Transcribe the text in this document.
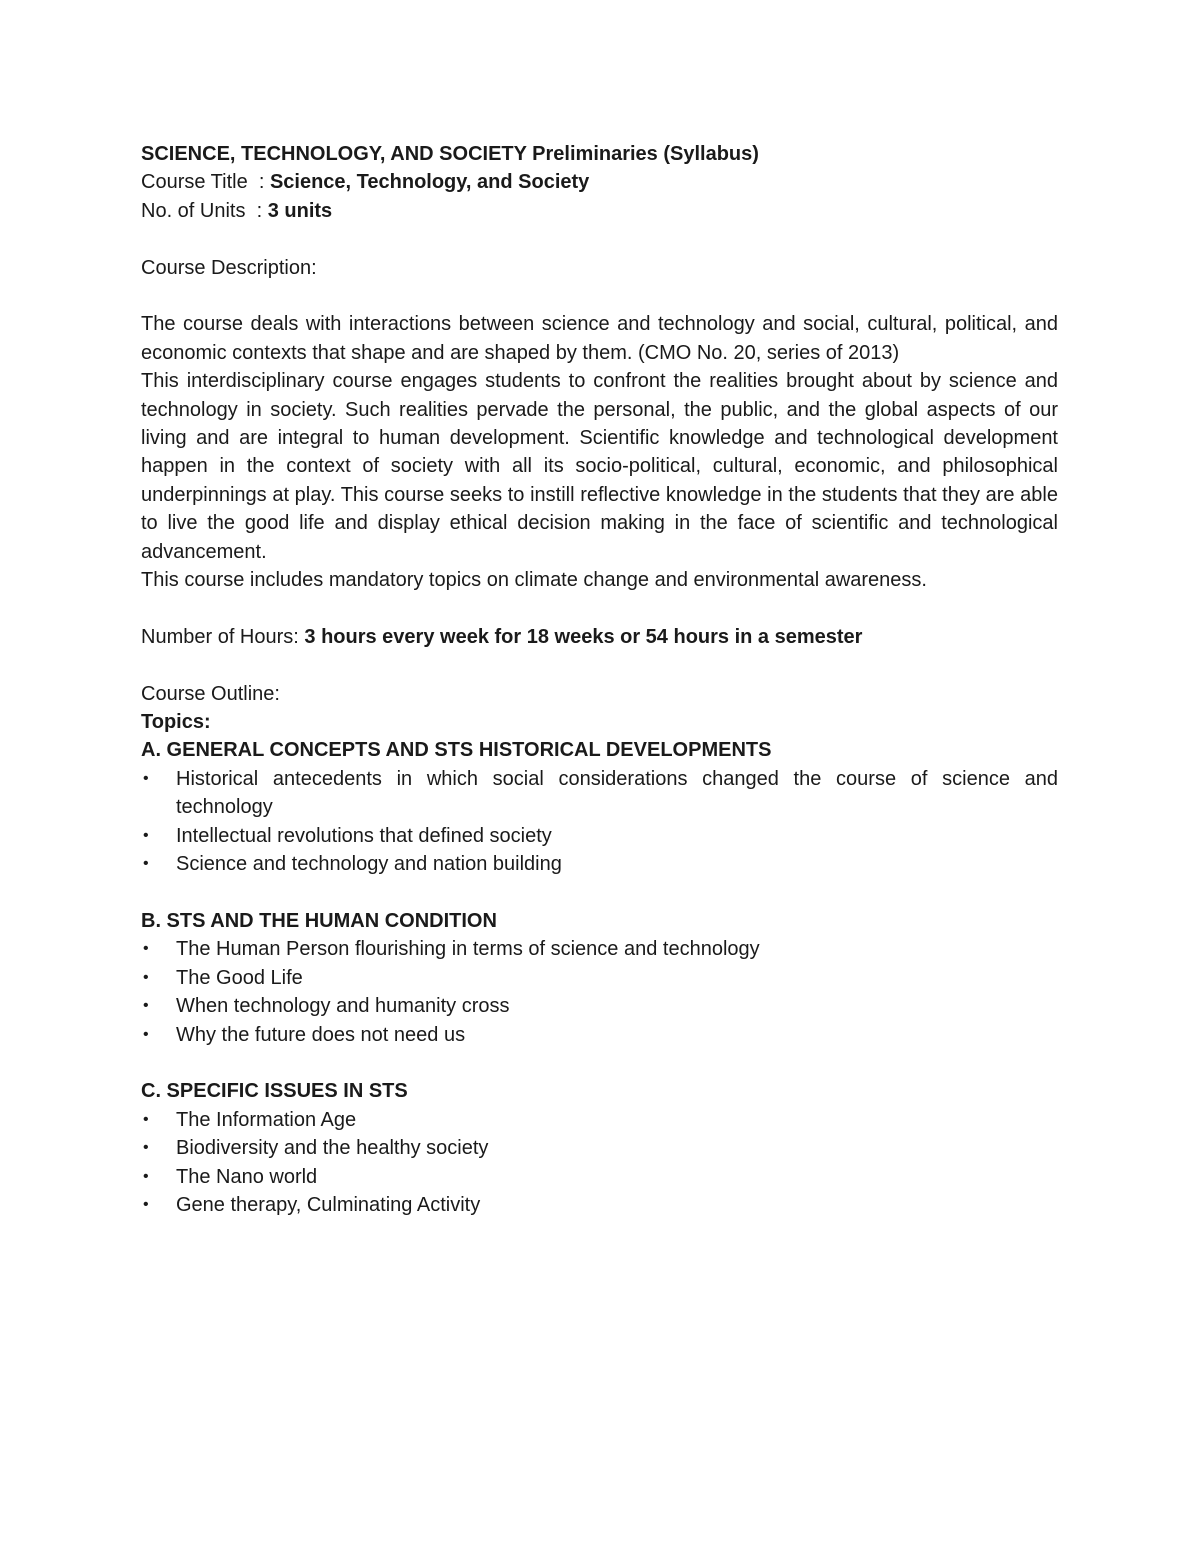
SCIENCE, TECHNOLOGY, AND SOCIETY Preliminaries (Syllabus)

Course Title  : Science, Technology, and Society

No. of Units  : 3 units

Course Description:

The course deals with interactions between science and technology and social, cultural, political, and economic contexts that shape and are shaped by them. (CMO No. 20, series of 2013)

This interdisciplinary course engages students to confront the realities brought about by science and technology in society. Such realities pervade the personal, the public, and the global aspects of our living and are integral to human development. Scientific knowledge and technological development happen in the context of society with all its socio-political, cultural, economic, and philosophical underpinnings at play. This course seeks to instill reflective knowledge in the students that they are able to live the good life and display ethical decision making in the face of scientific and technological advancement.

This course includes mandatory topics on climate change and environmental awareness.

Number of Hours: 3 hours every week for 18 weeks or 54 hours in a semester

Course Outline:

Topics:

A. GENERAL CONCEPTS AND STS HISTORICAL DEVELOPMENTS

• Historical antecedents in which social considerations changed the course of science and technology
• Intellectual revolutions that defined society
• Science and technology and nation building

B. STS AND THE HUMAN CONDITION

• The Human Person flourishing in terms of science and technology
• The Good Life
• When technology and humanity cross
• Why the future does not need us

C. SPECIFIC ISSUES IN STS

• The Information Age
• Biodiversity and the healthy society
• The Nano world
• Gene therapy, Culminating Activity
